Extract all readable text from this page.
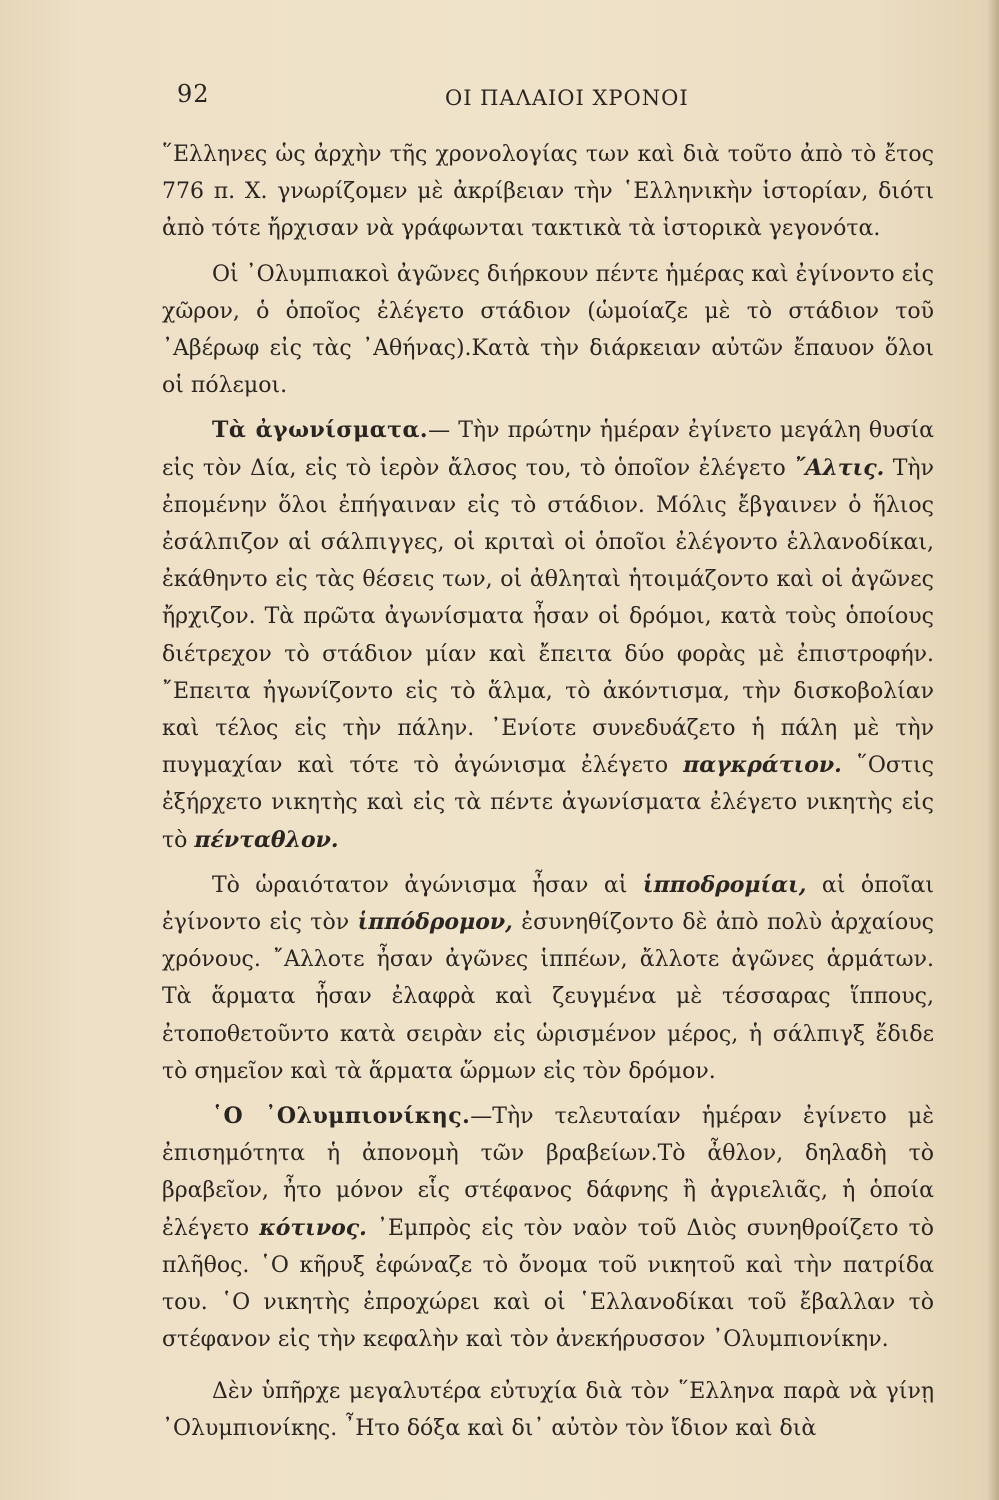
92	ΟΙ ΠΑΛΑΙΟΙ ΧΡΟΝΟΙ

῞Ελληνες ὡς ἀρχὴν τῆς χρονολογίας των καὶ διὰ τοῦτο ἀπὸ τὸ ἔτος 776 π. Χ. γνωρίζομεν μὲ ἀκρίβειαν τὴν ῾Ελληνικὴν ἱστορίαν, διότι ἀπὸ τότε ἤρχισαν νὰ γράφωνται τακτικὰ τὰ ἱστορικὰ γεγονότα.

Οἱ ᾿Ολυμπιακοὶ ἀγῶνες διήρκουν πέντε ἡμέρας καὶ ἐγίνοντο εἰς χῶρον, ὁ ὁποῖος ἐλέγετο στάδιον (ὡμοίαζε μὲ τὸ στάδιον τοῦ ᾿Αβέρωφ εἰς τὰς ᾿Αθήνας).Κατὰ τὴν διάρκειαν αὐτῶν ἔπαυον ὅλοι οἱ πόλεμοι.

Τὰ ἀγωνίσματα.— Τὴν πρώτην ἡμέραν ἐγίνετο μεγάλη θυσία εἰς τὸν Δία, εἰς τὸ ἱερὸν ἄλσος του, τὸ ὁποῖον ἐλέγετο ῎Αλτις. Τὴν ἐπομένην ὅλοι ἐπήγαιναν εἰς τὸ στάδιον. Μόλις ἔβγαινεν ὁ ἥλιος ἐσάλπιζον αἱ σάλπιγγες, οἱ κριταὶ οἱ ὁποῖοι ἐλέγοντο ἑλλανοδίκαι, ἐκάθηντο εἰς τὰς θέσεις των, οἱ ἀθληταὶ ἡτοιμάζοντο καὶ οἱ ἀγῶνες ἤρχιζον. Τὰ πρῶτα ἀγωνίσματα ἦσαν οἱ δρόμοι, κατὰ τοὺς ὁποίους διέτρεχον τὸ στάδιον μίαν καὶ ἔπειτα δύο φορὰς μὲ ἐπιστροφήν. ῎Επειτα ἠγωνίζοντο εἰς τὸ ἅλμα, τὸ ἀκόντισμα, τὴν δισκοβολίαν καὶ τέλος εἰς τὴν πάλην. ᾿Ενίοτε συνεδυάζετο ἡ πάλη μὲ τὴν πυγμαχίαν καὶ τότε τὸ ἀγώνισμα ἐλέγετο παγκράτιον. ῞Οστις ἐξήρχετο νικητὴς καὶ εἰς τὰ πέντε ἀγωνίσματα ἐλέγετο νικητὴς εἰς τὸ πένταθλον.

Τὸ ὡραιότατον ἀγώνισμα ἦσαν αἱ ἱπποδρομίαι, αἱ ὁποῖαι ἐγίνοντο εἰς τὸν ἱππόδρομον, ἐσυνηθίζοντο δὲ ἀπὸ πολὺ ἀρχαίους χρόνους. ῎Αλλοτε ἦσαν ἀγῶνες ἱππέων, ἄλλοτε ἀγῶνες ἁρμάτων. Τὰ ἅρματα ἦσαν ἐλαφρὰ καὶ ζευγμένα μὲ τέσσαρας ἵππους, ἐτοποθετοῦντο κατὰ σειρὰν εἰς ὡρισμένον μέρος, ἡ σάλπιγξ ἔδιδε τὸ σημεῖον καὶ τὰ ἅρματα ὥρμων εἰς τὸν δρόμον.

῾Ο ᾿Ολυμπιονίκης.—Τὴν τελευταίαν ἡμέραν ἐγίνετο μὲ ἐπισημότητα ἡ ἀπονομὴ τῶν βραβείων.Τὸ ἆθλον, δηλαδὴ τὸ βραβεῖον, ἦτο μόνον εἷς στέφανος δάφνης ἢ ἀγριελιᾶς, ἡ ὁποία ἐλέγετο κότινος. ᾿Εμπρὸς εἰς τὸν ναὸν τοῦ Διὸς συνηθροίζετο τὸ πλῆθος. ῾Ο κῆρυξ ἐφώναζε τὸ ὄνομα τοῦ νικητοῦ καὶ τὴν πατρίδα του. ῾Ο νικητὴς ἐπροχώρει καὶ οἱ ῾Ελλανοδίκαι τοῦ ἔβαλλαν τὸ στέφανον εἰς τὴν κεφαλὴν καὶ τὸν ἀνεκήρυσσον ᾿Ολυμπιονίκην.

Δὲν ὑπῆρχε μεγαλυτέρα εὐτυχία διὰ τὸν ῞Ελληνα παρὰ νὰ γίνῃ ᾿Ολυμπιονίκης. ῏Ητο δόξα καὶ δι᾿ αὐτὸν τὸν ἴδιον καὶ διὰ
